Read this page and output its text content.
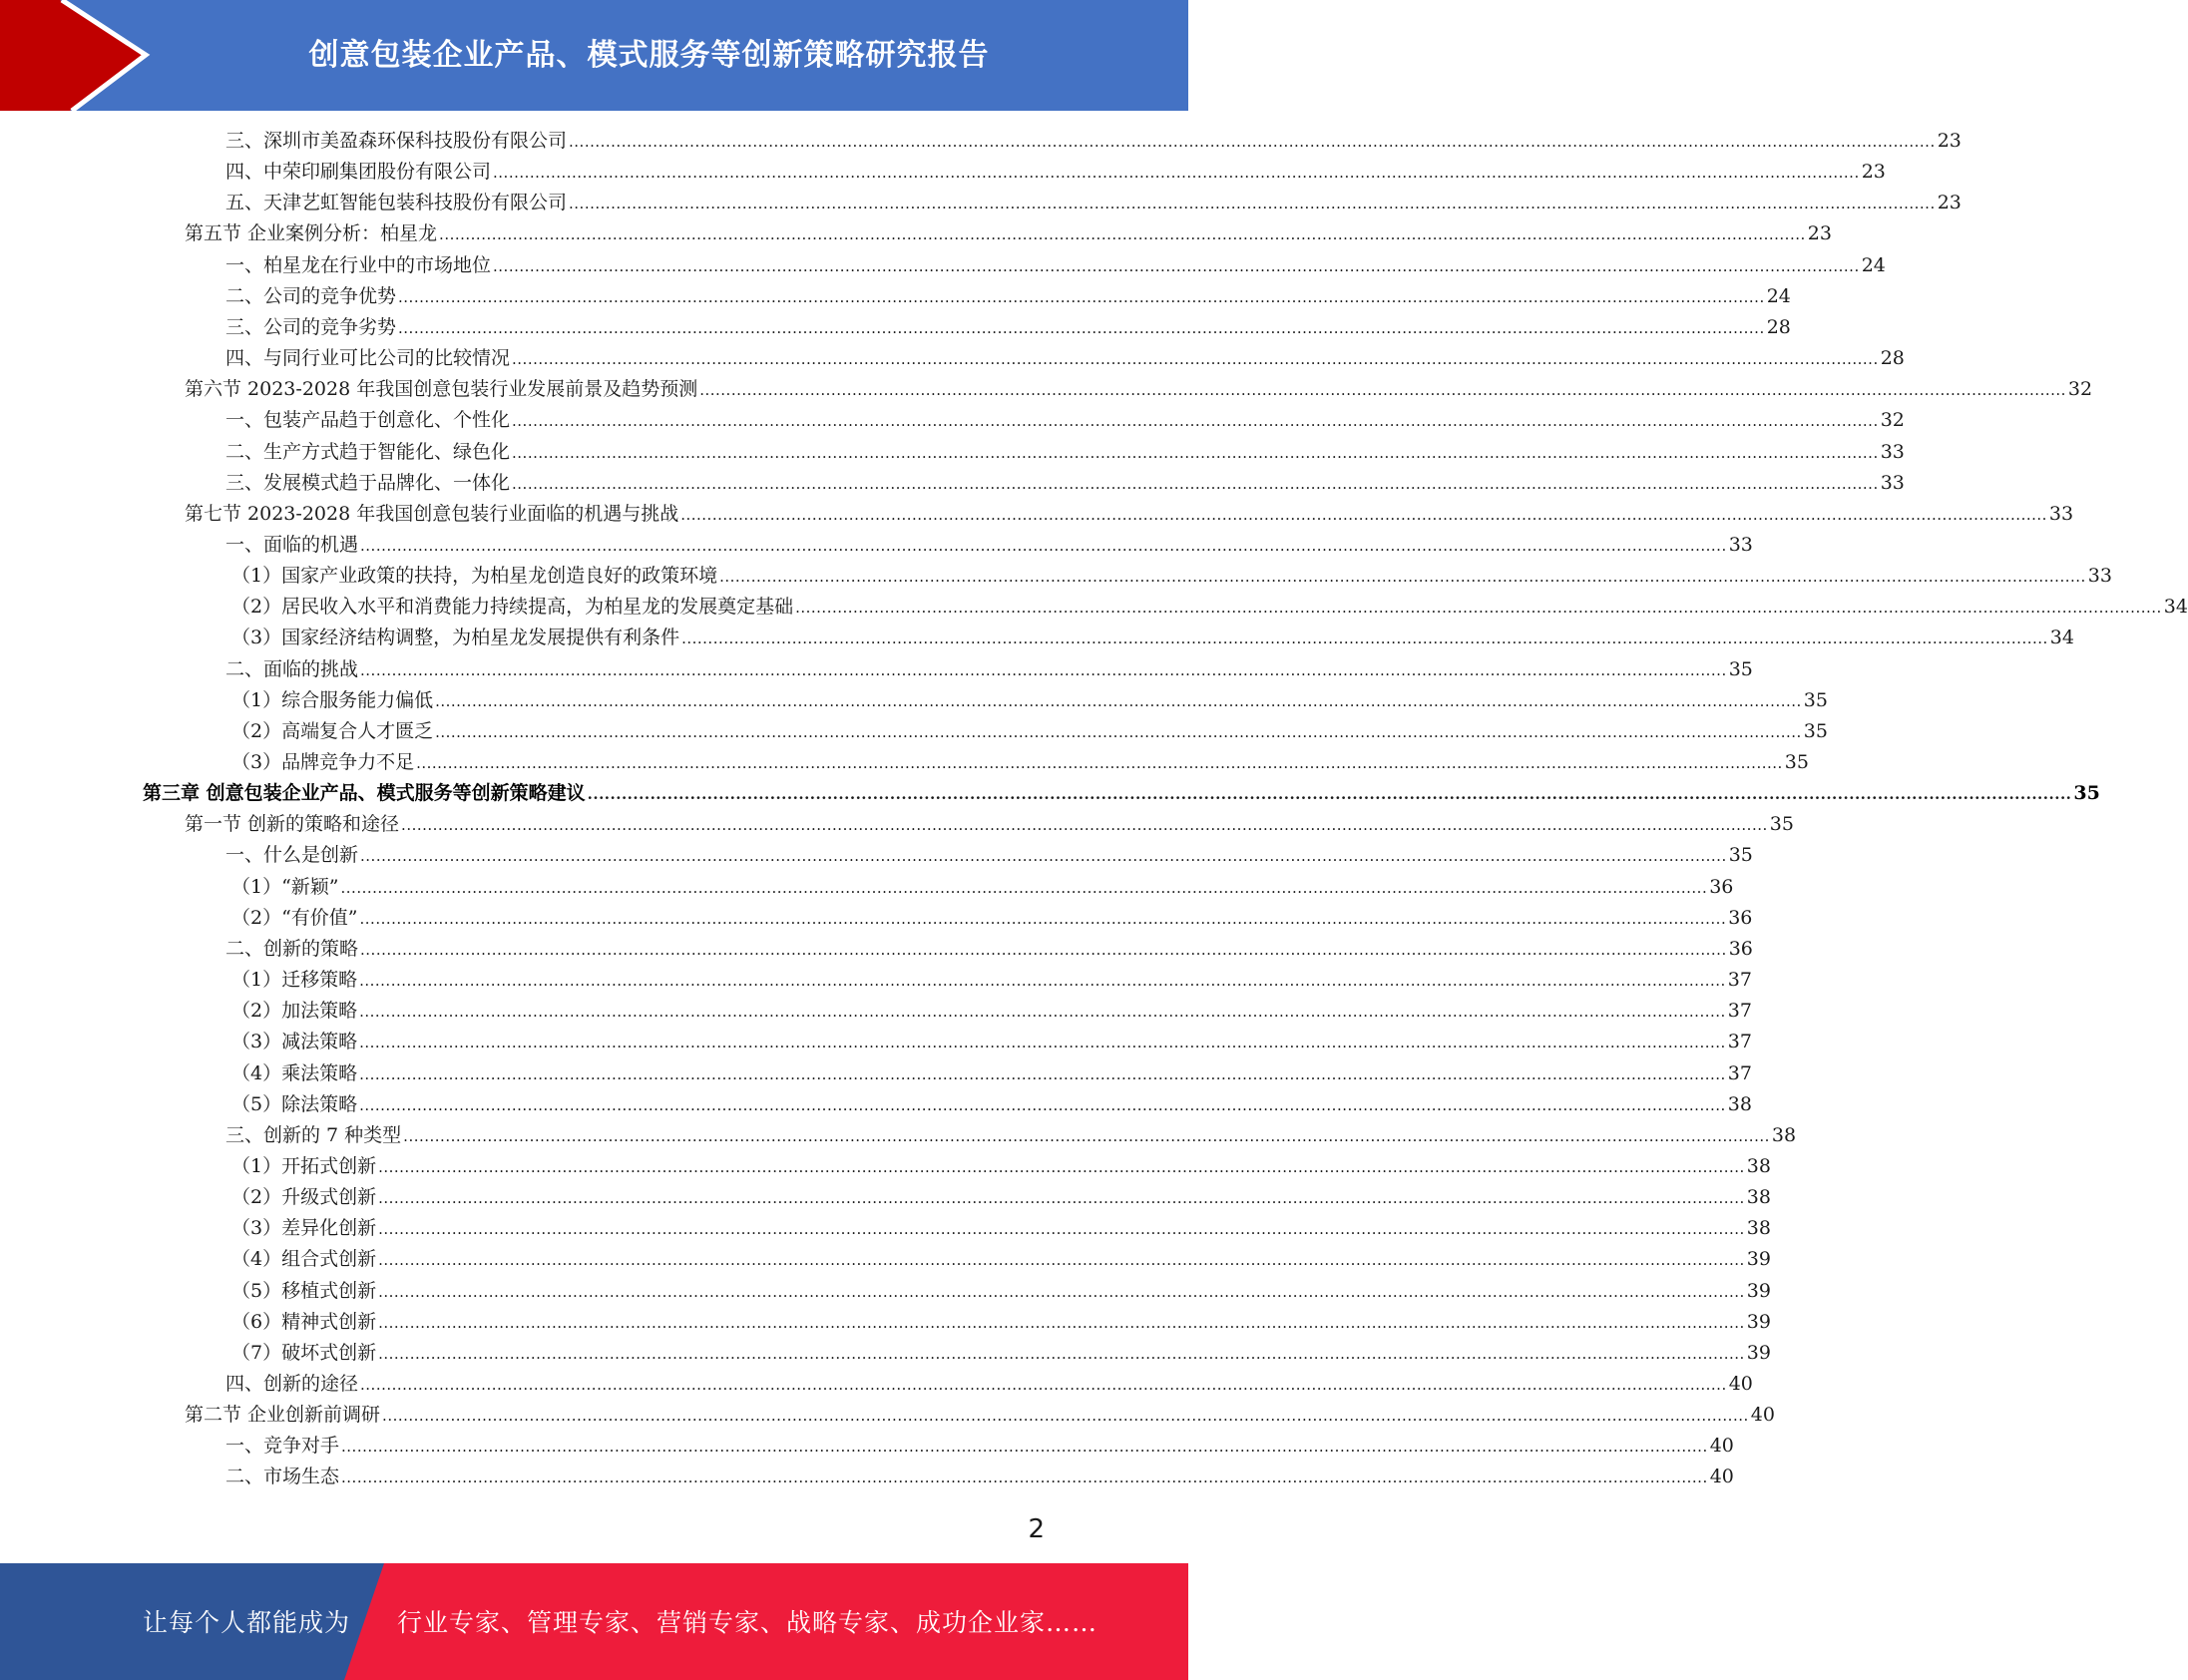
创意包装企业产品、模式服务等创新策略研究报告
三、深圳市美盈森环保科技股份有限公司 .................................................................................................................................................................................................................................................................... 23
四、中荣印刷集团股份有限公司 .................................................................................................................................................................................................................................................................... 23
五、天津艺虹智能包装科技股份有限公司 .................................................................................................................................................................................................................................................................... 23
第五节 企业案例分析：柏星龙 .................................................................................................................................................................................................................................................................... 23
一、柏星龙在行业中的市场地位 .................................................................................................................................................................................................................................................................... 24
二、公司的竞争优势 .................................................................................................................................................................................................................................................................... 24
三、公司的竞争劣势 .................................................................................................................................................................................................................................................................... 28
四、与同行业可比公司的比较情况 .................................................................................................................................................................................................................................................................... 28
第六节 2023-2028 年我国创意包装行业发展前景及趋势预测 .................................................................................................................................................................................................................................................................... 32
一、包装产品趋于创意化、个性化 .................................................................................................................................................................................................................................................................... 32
二、生产方式趋于智能化、绿色化 .................................................................................................................................................................................................................................................................... 33
三、发展模式趋于品牌化、一体化 .................................................................................................................................................................................................................................................................... 33
第七节 2023-2028 年我国创意包装行业面临的机遇与挑战 .................................................................................................................................................................................................................................................................... 33
一、面临的机遇 .................................................................................................................................................................................................................................................................... 33
（1）国家产业政策的扶持，为柏星龙创造良好的政策环境 .................................................................................................................................................................................................................................................................... 33
（2）居民收入水平和消费能力持续提高，为柏星龙的发展奠定基础 .................................................................................................................................................................................................................................................................... 34
（3）国家经济结构调整，为柏星龙发展提供有利条件 .................................................................................................................................................................................................................................................................... 34
二、面临的挑战 .................................................................................................................................................................................................................................................................... 35
（1）综合服务能力偏低 .................................................................................................................................................................................................................................................................... 35
（2）高端复合人才匮乏 .................................................................................................................................................................................................................................................................... 35
（3）品牌竞争力不足 .................................................................................................................................................................................................................................................................... 35
第三章 创意包装企业产品、模式服务等创新策略建议 .................................................................................................................................................................................................................................................................... 35
第一节 创新的策略和途径 .................................................................................................................................................................................................................................................................... 35
一、什么是创新 .................................................................................................................................................................................................................................................................... 35
（1）“新颖” .................................................................................................................................................................................................................................................................... 36
（2）“有价值” .................................................................................................................................................................................................................................................................... 36
二、创新的策略 .................................................................................................................................................................................................................................................................... 36
（1）迁移策略 .................................................................................................................................................................................................................................................................... 37
（2）加法策略 .................................................................................................................................................................................................................................................................... 37
（3）减法策略 .................................................................................................................................................................................................................................................................... 37
（4）乘法策略 .................................................................................................................................................................................................................................................................... 37
（5）除法策略 .................................................................................................................................................................................................................................................................... 38
三、创新的 7 种类型 .................................................................................................................................................................................................................................................................... 38
（1）开拓式创新 .................................................................................................................................................................................................................................................................... 38
（2）升级式创新 .................................................................................................................................................................................................................................................................... 38
（3）差异化创新 .................................................................................................................................................................................................................................................................... 38
（4）组合式创新 .................................................................................................................................................................................................................................................................... 39
（5）移植式创新 .................................................................................................................................................................................................................................................................... 39
（6）精神式创新 .................................................................................................................................................................................................................................................................... 39
（7）破坏式创新 .................................................................................................................................................................................................................................................................... 39
四、创新的途径 .................................................................................................................................................................................................................................................................... 40
第二节 企业创新前调研 .................................................................................................................................................................................................................................................................... 40
一、竞争对手 .................................................................................................................................................................................................................................................................... 40
二、市场生态 .................................................................................................................................................................................................................................................................... 40
2
让每个人都能成为 行业专家、管理专家、营销专家、战略专家、成功企业家……
